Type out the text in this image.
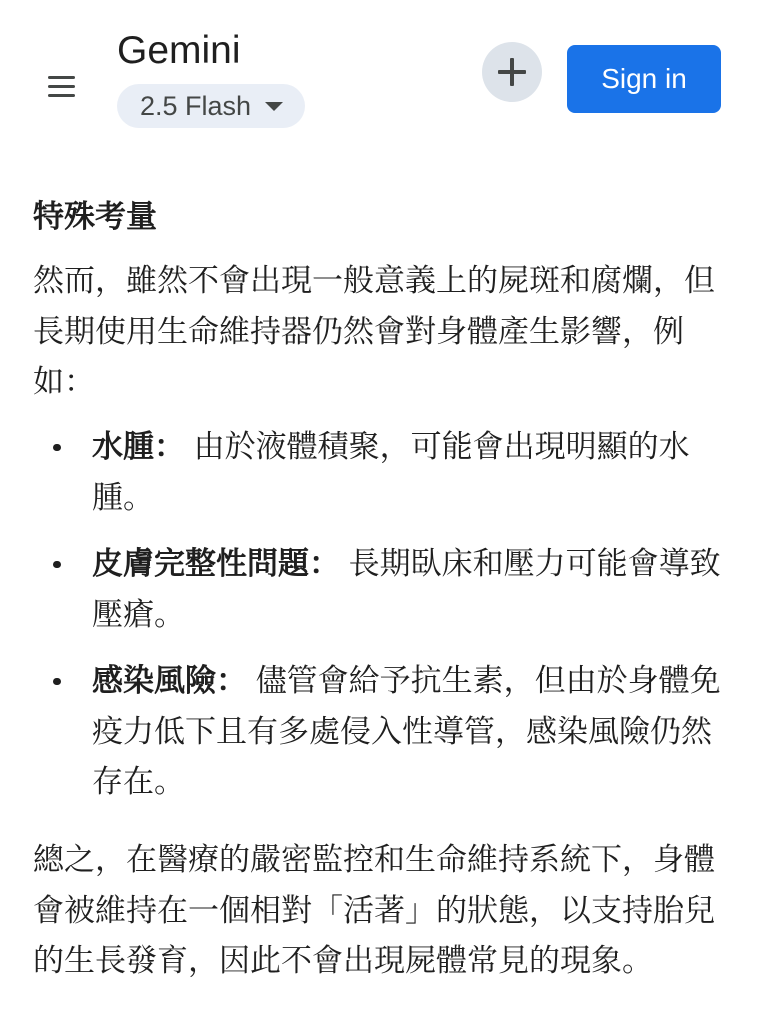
Gemini
2.5 Flash
Sign in
特殊考量

然而，雖然不會出現一般意義上的屍斑和腐爛，但長期使用生命維持器仍然會對身體產生影響，例如：

水腫： 由於液體積聚，可能會出現明顯的水腫。
皮膚完整性問題： 長期臥床和壓力可能會導致壓瘡。
感染風險： 儘管會給予抗生素，但由於身體免疫力低下且有多處侵入性導管，感染風險仍然存在。

總之，在醫療的嚴密監控和生命維持系統下，身體會被維持在一個相對「活著」的狀態，以支持胎兒的生長發育，因此不會出現屍體常見的現象。
